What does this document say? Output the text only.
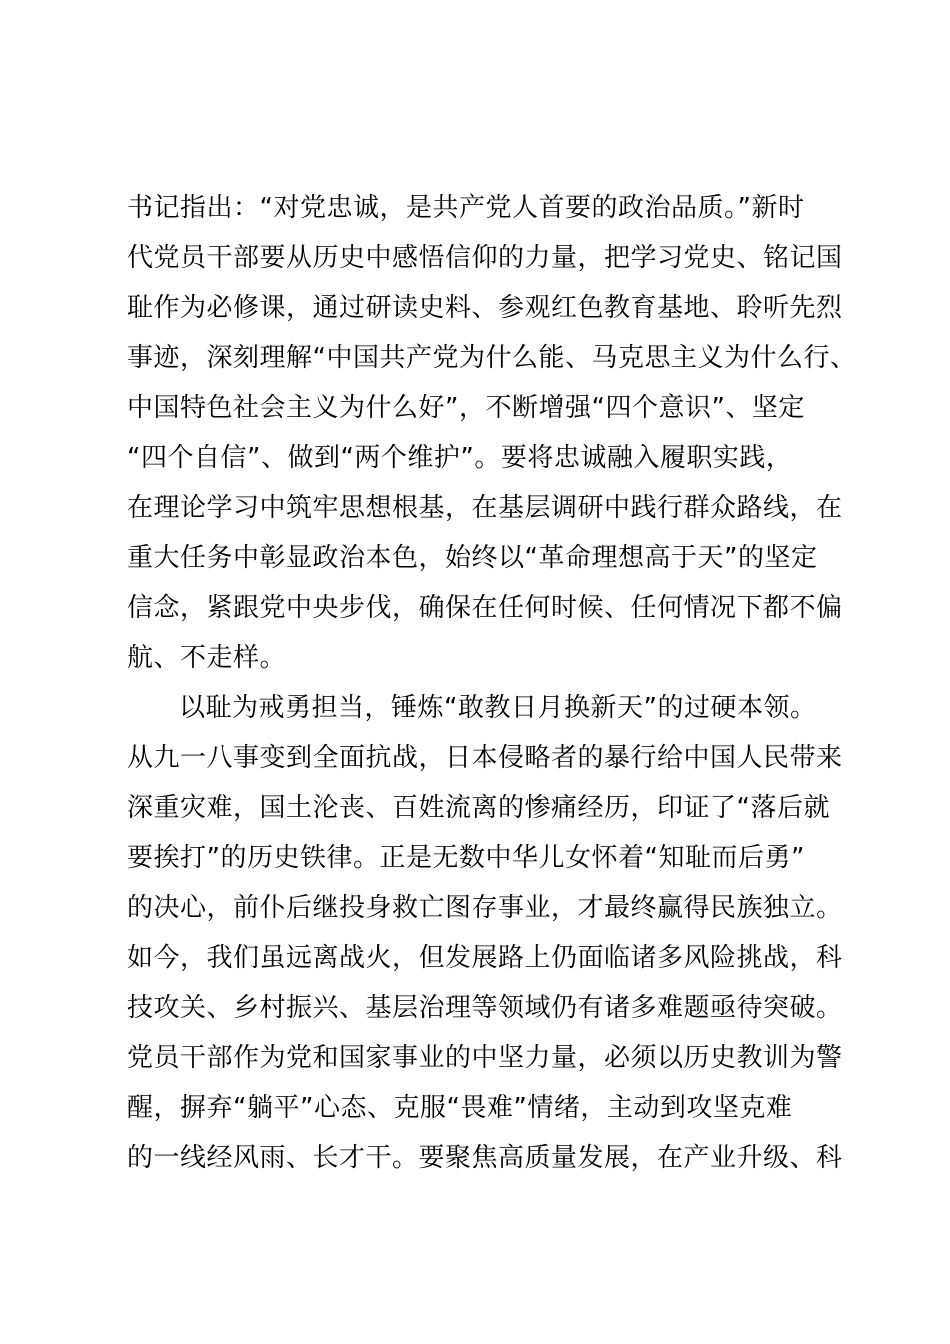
书记指出：“对党忠诚，是共产党人首要的政治品质。”新时
代党员干部要从历史中感悟信仰的力量，把学习党史、铭记国
耻作为必修课，通过研读史料、参观红色教育基地、聆听先烈
事迹，深刻理解“中国共产党为什么能、马克思主义为什么行、
中国特色社会主义为什么好”，不断增强“四个意识”、坚定
“四个自信”、做到“两个维护”。要将忠诚融入履职实践，
在理论学习中筑牢思想根基，在基层调研中践行群众路线，在
重大任务中彰显政治本色，始终以“革命理想高于天”的坚定
信念，紧跟党中央步伐，确保在任何时候、任何情况下都不偏
航、不走样。
以耻为戒勇担当，锤炼“敢教日月换新天”的过硬本领。
从九一八事变到全面抗战，日本侵略者的暴行给中国人民带来
深重灾难，国土沦丧、百姓流离的惨痛经历，印证了“落后就
要挨打”的历史铁律。正是无数中华儿女怀着“知耻而后勇”
的决心，前仆后继投身救亡图存事业，才最终赢得民族独立。
如今，我们虽远离战火，但发展路上仍面临诸多风险挑战，科
技攻关、乡村振兴、基层治理等领域仍有诸多难题亟待突破。
党员干部作为党和国家事业的中坚力量，必须以历史教训为警
醒，摒弃“躺平”心态、克服“畏难”情绪，主动到攻坚克难
的一线经风雨、长才干。要聚焦高质量发展，在产业升级、科
